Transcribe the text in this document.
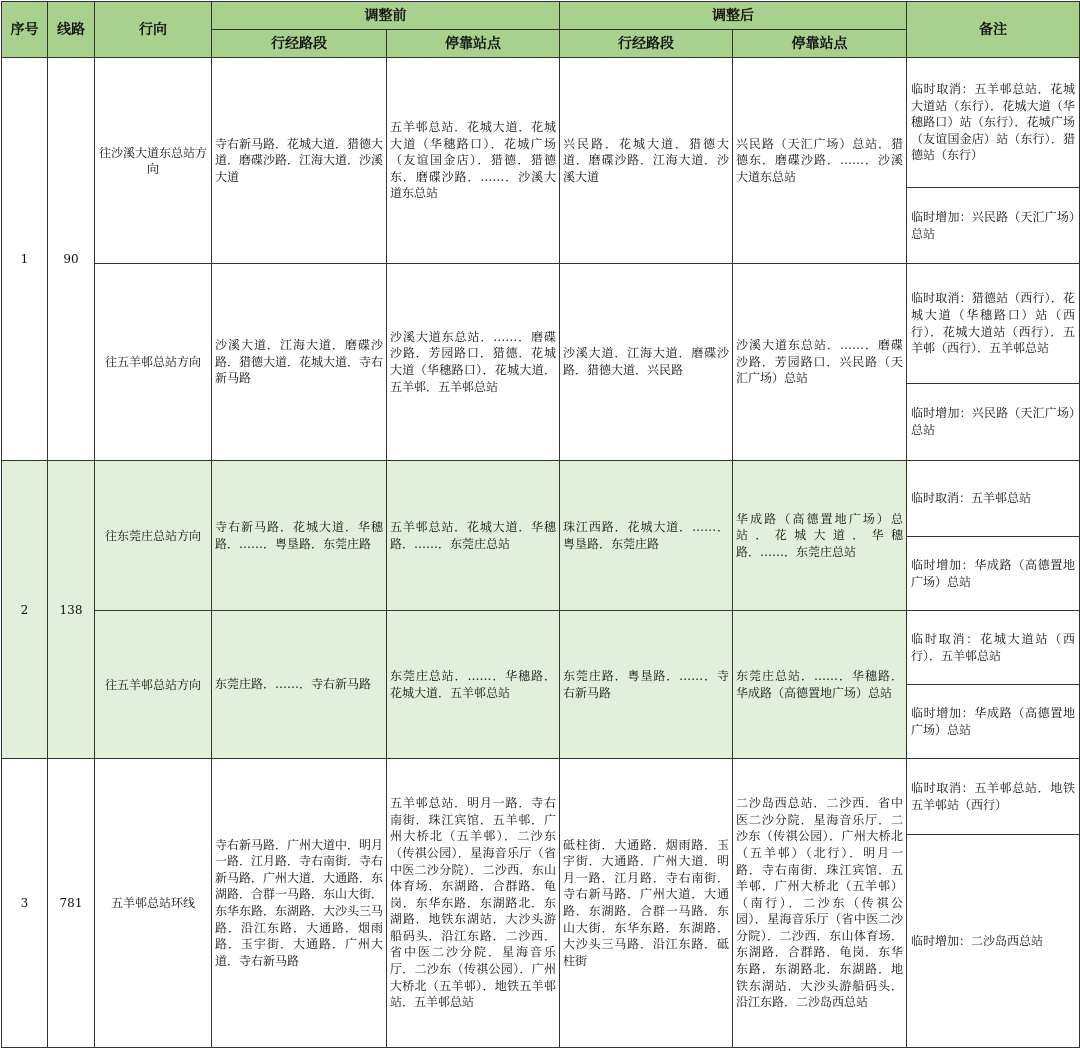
序号	线路	行向	调整前		调整后		备注
			行经路段	停靠站点	行经路段	停靠站点	
1	90	往沙溪大道东总站方向	寺右新马路．花城大道．猎德大道．磨碟沙路．江海大道．沙溪大道	五羊邨总站．花城大道．花城大道（华穗路口）．花城广场（友谊国金店）．猎德．猎德东．磨碟沙路．……．沙溪大道东总站	兴民路．花城大道．猎德大道．磨碟沙路．江海大道．沙溪大道	兴民路（天汇广场）总站．猎德东．磨碟沙路．……．沙溪大道东总站	临时取消：五羊邨总站．花城大道站（东行）．花城大道（华穗路口）站（东行）．花城广场（友谊国金店）站（东行）．猎德站（东行）
							临时增加：兴民路（天汇广场）总站
		往五羊邨总站方向	沙溪大道．江海大道．磨碟沙路．猎德大道．花城大道．寺右新马路	沙溪大道东总站．……．磨碟沙路．芳园路口．猎德．花城大道（华穗路口）．花城大道．五羊邨．五羊邨总站	沙溪大道．江海大道．磨碟沙路．猎德大道．兴民路	沙溪大道东总站．……．磨碟沙路．芳园路口．兴民路（天汇广场）总站	临时取消：猎德站（西行）．花城大道（华穗路口）站（西行）．花城大道站（西行）．五羊邨（西行）．五羊邨总站
							临时增加：兴民路（天汇广场）总站
2	138	往东莞庄总站方向	寺右新马路．花城大道．华穗路．……．粤垦路．东莞庄路	五羊邨总站．花城大道．华穗路．……．东莞庄总站	珠江西路．花城大道．……．粤垦路．东莞庄路	华成路（高德置地广场）总站．花城大道．华穗路．……．东莞庄总站	临时取消：五羊邨总站
							临时增加：华成路（高德置地广场）总站
		往五羊邨总站方向	东莞庄路．……．寺右新马路	东莞庄总站．……．华穗路．花城大道．五羊邨总站	东莞庄路．粤垦路．……．寺右新马路	东莞庄总站．……．华穗路．华成路（高德置地广场）总站	临时取消：花城大道站（西行）．五羊邨总站
							临时增加：华成路（高德置地广场）总站
3	781	五羊邨总站环线	寺右新马路．广州大道中．明月一路．江月路．寺右南街．寺右新马路．广州大道．大通路．东湖路．合群一马路．东山大街．东华东路．东湖路．大沙头三马路．沿江东路．大通路．烟雨路．玉宇街．大通路．广州大道．寺右新马路	五羊邨总站．明月一路．寺右南街．珠江宾馆．五羊邨．广州大桥北（五羊邨）．二沙东（传祺公园）．星海音乐厅（省中医二沙分院）．二沙西．东山体育场．东湖路．合群路．龟岗．东华东路．东湖路北．东湖路．地铁东湖站．大沙头游船码头．沿江东路．二沙西．省中医二沙分院．星海音乐厅．二沙东（传祺公园）．广州大桥北（五羊邨）．地铁五羊邨站．五羊邨总站	砥柱街．大通路．烟雨路．玉宇街．大通路．广州大道．明月一路．江月路．寺右南街．寺右新马路．广州大道．大通路．东湖路．合群一马路．东山大街．东华东路．东湖路．大沙头三马路．沿江东路．砥柱街	二沙岛西总站．二沙西．省中医二沙分院．星海音乐厅．二沙东（传祺公园）．广州大桥北（五羊邨）（北行）．明月一路．寺右南街．珠江宾馆．五羊邨．广州大桥北（五羊邨）（南行）．二沙东（传祺公园）．星海音乐厅（省中医二沙分院）．二沙西．东山体育场．东湖路．合群路．龟岗．东华东路．东湖路北．东湖路．地铁东湖站．大沙头游船码头．沿江东路．二沙岛西总站	临时取消：五羊邨总站．地铁五羊邨站（西行）
							临时增加：二沙岛西总站
